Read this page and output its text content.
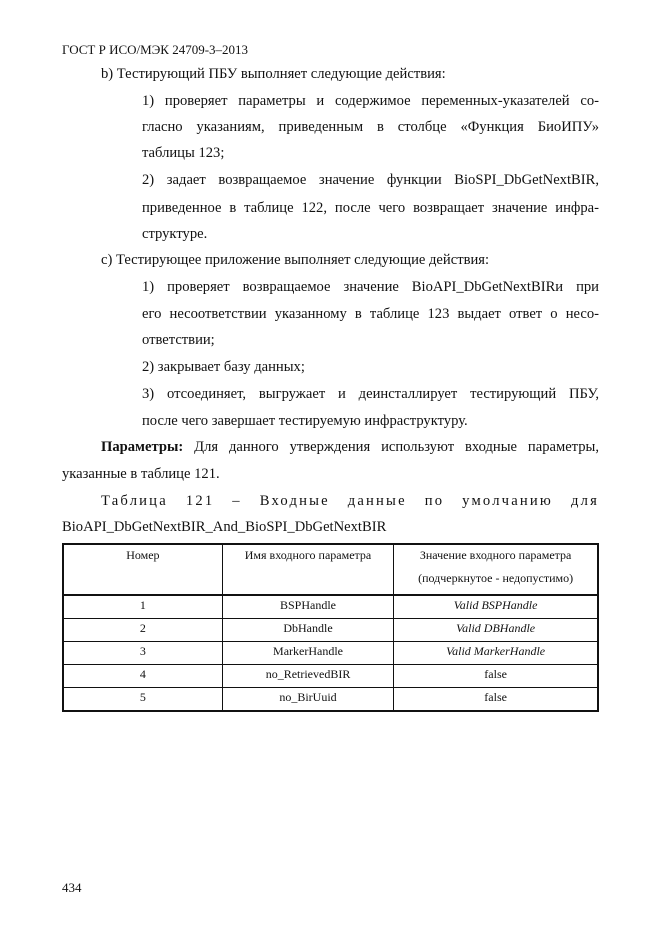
ГОСТ Р ИСО/МЭК 24709-3–2013
b) Тестирующий ПБУ выполняет следующие действия:
1) проверяет параметры и содержимое переменных-указателей со-
гласно указаниям, приведенным в столбце «Функция БиоИПУ»
таблицы 123;
2) задает возвращаемое значение функции BioSPI_DbGetNextBIR,
приведенное в таблице 122, после чего возвращает значение инфра-
структуре.
c) Тестирующее приложение выполняет следующие действия:
1) проверяет возвращаемое значение BioAPI_DbGetNextBIRи при
его несоответствии указанному в таблице 123 выдает ответ о несо-
ответствии;
2) закрывает базу данных;
3) отсоединяет, выгружает и деинсталлирует тестирующий ПБУ,
после чего завершает тестируемую инфраструктуру.
Параметры: Для данного утверждения используют входные параметры,
указанные в таблице 121.
Таблица 121 – Входные данные по умолчанию для
BioAPI_DbGetNextBIR_And_BioSPI_DbGetNextBIR
Номер	Имя входного параметра	Значение входного параметра
(подчеркнутое - недопустимо)

1	BSPHandle	Valid BSPHandle
2	DbHandle	Valid DBHandle
3	MarkerHandle	Valid MarkerHandle
4	no_RetrievedBIR	false
5	no_BirUuid	false
434
